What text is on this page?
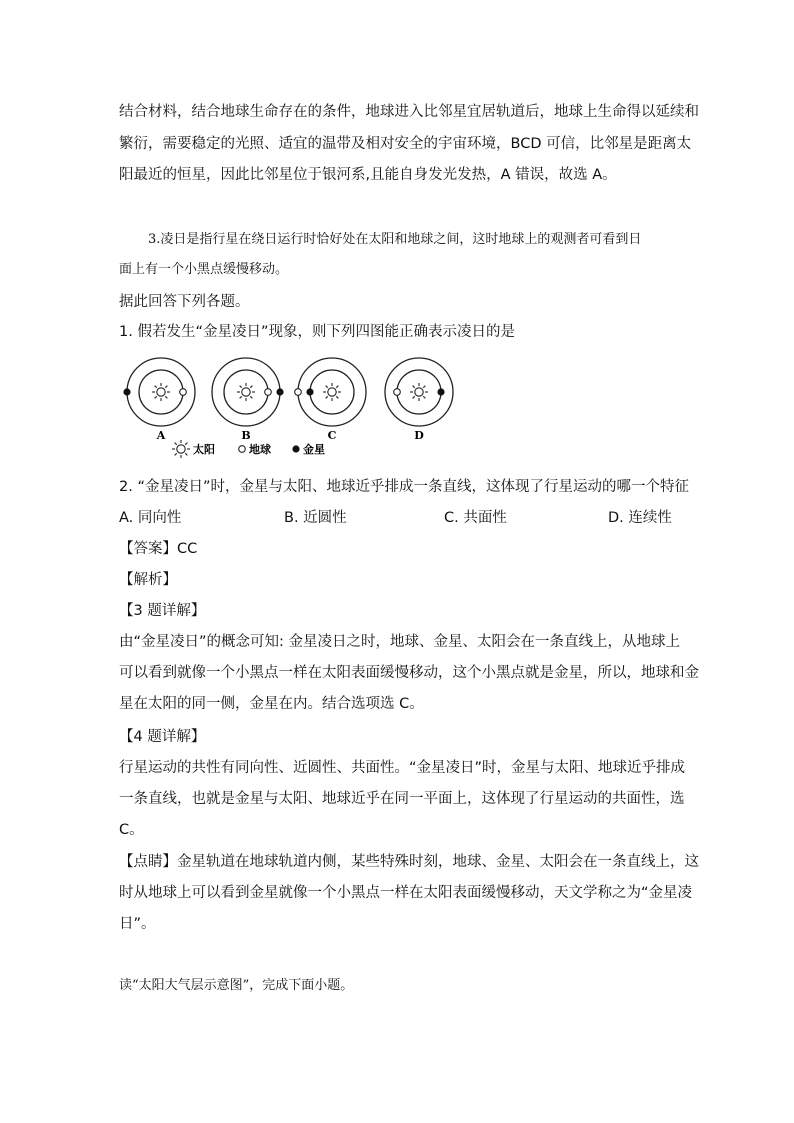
结合材料，结合地球生命存在的条件，地球进入比邻星宜居轨道后，地球上生命得以延续和
繁衍，需要稳定的光照、适宜的温带及相对安全的宇宙环境，BCD 可信，比邻星是距离太
阳最近的恒星，因此比邻星位于银河系,且能自身发光发热，A 错误，故选 A。
3.凌日是指行星在绕日运行时恰好处在太阳和地球之间，这时地球上的观测者可看到日
面上有一个小黑点缓慢移动。
据此回答下列各题。
1. 假若发生“金星凌日”现象，则下列四图能正确表示凌日的是
A	B	C	D
太阳	地球	金星
2. “金星凌日”时，金星与太阳、地球近乎排成一条直线，这体现了行星运动的哪一个特征
A. 同向性	B. 近圆性	C. 共面性	D. 连续性
【答案】CC
【解析】
【3 题详解】
由“金星凌日”的概念可知: 金星凌日之时，地球、金星、太阳会在一条直线上，从地球上
可以看到就像一个小黑点一样在太阳表面缓慢移动，这个小黑点就是金星，所以，地球和金
星在太阳的同一侧，金星在内。结合选项选 C。
【4 题详解】
行星运动的共性有同向性、近圆性、共面性。“金星凌日”时，金星与太阳、地球近乎排成
一条直线，也就是金星与太阳、地球近乎在同一平面上，这体现了行星运动的共面性，选
C。
【点睛】金星轨道在地球轨道内侧，某些特殊时刻，地球、金星、太阳会在一条直线上，这
时从地球上可以看到金星就像一个小黑点一样在太阳表面缓慢移动，天文学称之为“金星凌
日”。
读“太阳大气层示意图”，完成下面小题。
